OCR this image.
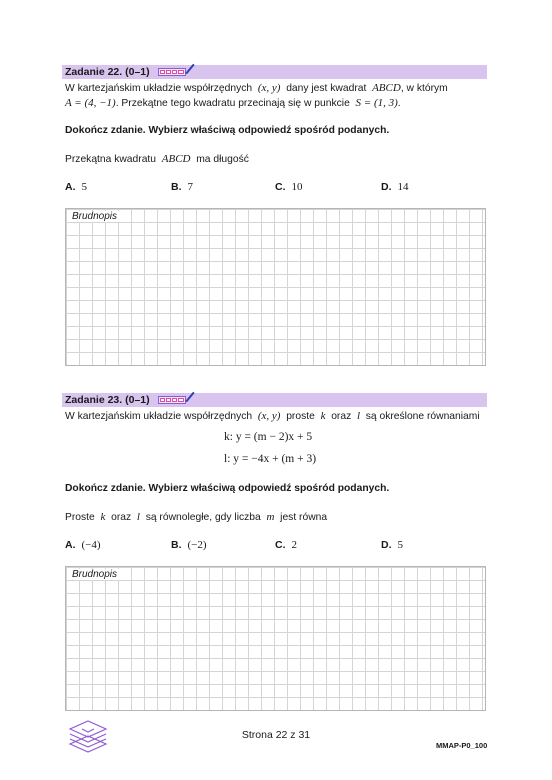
Zadanie 22. (0–1)
W kartezjańskim układzie współrzędnych (x, y) dany jest kwadrat ABCD, w którym
A = (4, −1). Przekątne tego kwadratu przecinają się w punkcie S = (1, 3).
Dokończ zdanie. Wybierz właściwą odpowiedź spośród podanych.
Przekątna kwadratu ABCD ma długość
A. 5	B. 7	C. 10	D. 14
Brudnopis
Zadanie 23. (0–1)
W kartezjańskim układzie współrzędnych (x, y) proste k oraz l są określone równaniami
k: y = (m − 2)x + 5
l: y = −4x + (m + 3)
Dokończ zdanie. Wybierz właściwą odpowiedź spośród podanych.
Proste k oraz l są równoległe, gdy liczba m jest równa
A. (−4)	B. (−2)	C. 2	D. 5
Brudnopis
Strona 22 z 31
MMAP-P0_100
